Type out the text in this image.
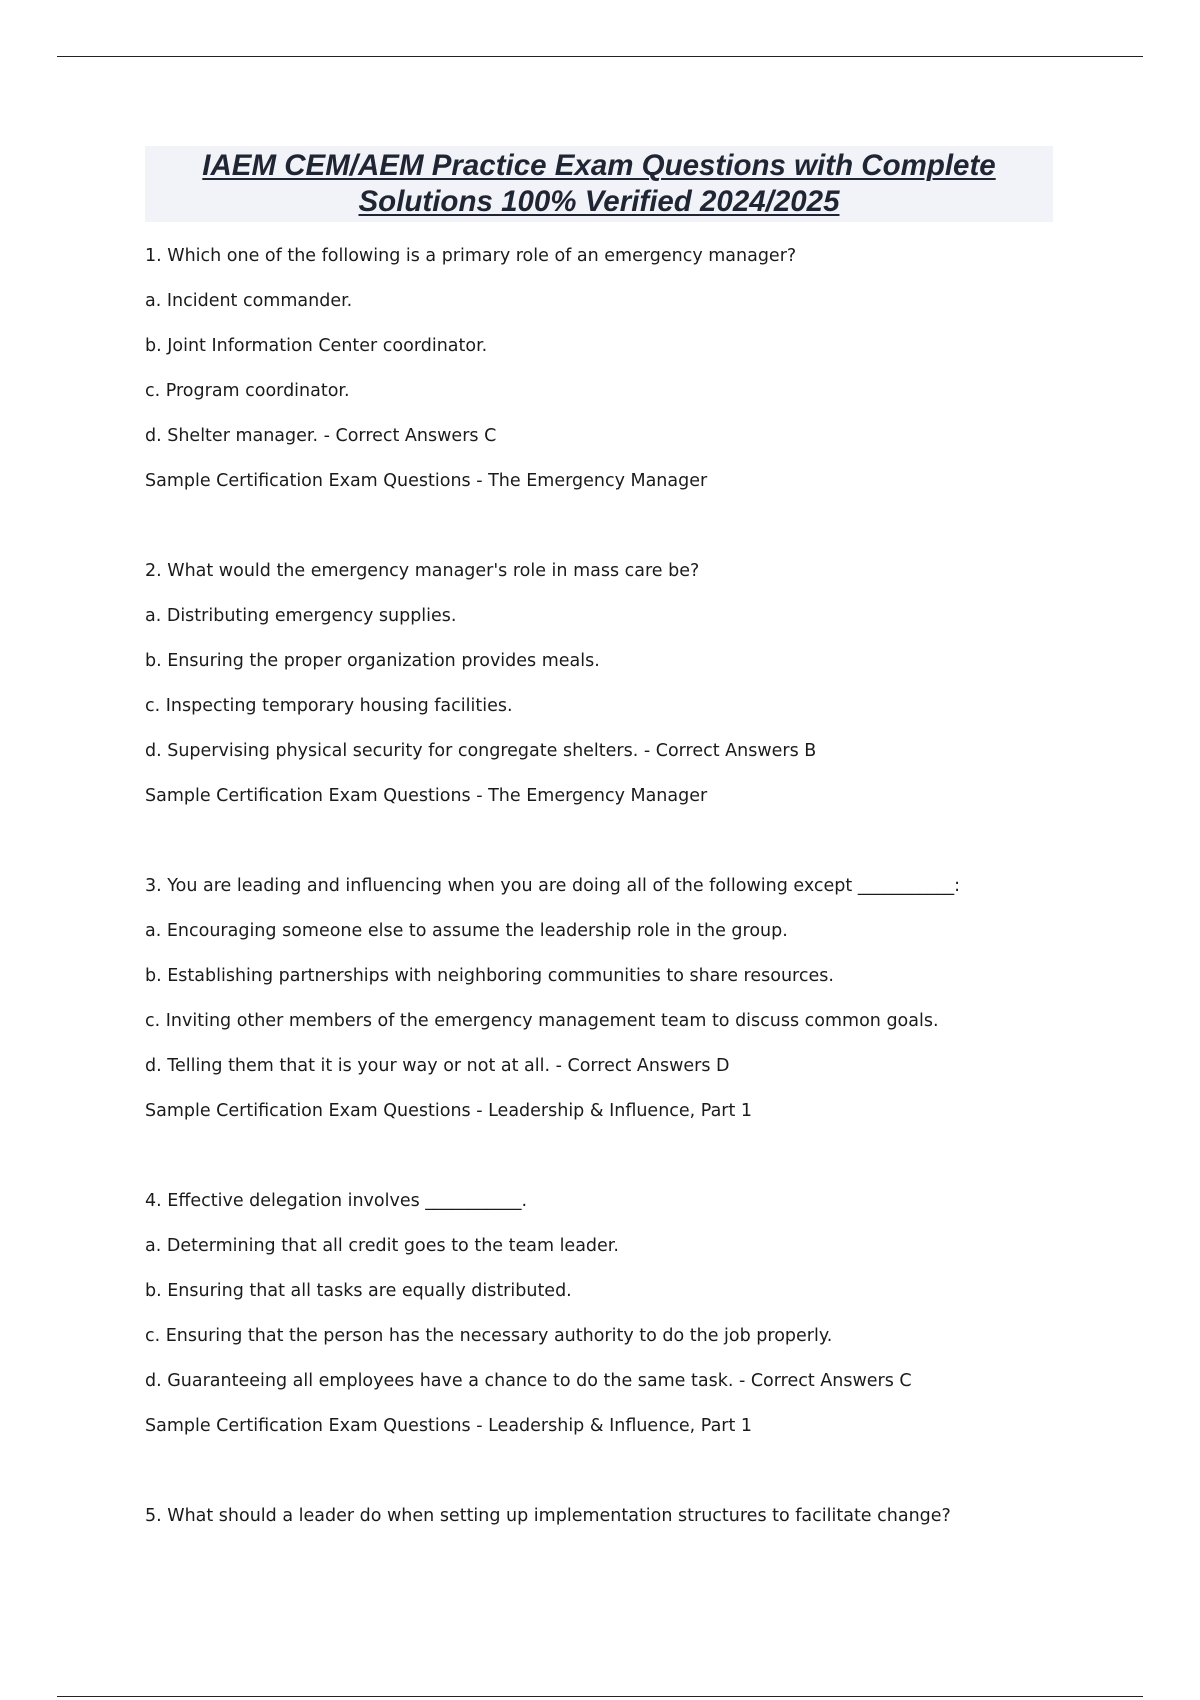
IAEM CEM/AEM Practice Exam Questions with Complete
Solutions 100% Verified 2024/2025
1. Which one of the following is a primary role of an emergency manager?
a. Incident commander.
b. Joint Information Center coordinator.
c. Program coordinator.
d. Shelter manager. - Correct Answers C
Sample Certification Exam Questions - The Emergency Manager
2. What would the emergency manager's role in mass care be?
a. Distributing emergency supplies.
b. Ensuring the proper organization provides meals.
c. Inspecting temporary housing facilities.
d. Supervising physical security for congregate shelters. - Correct Answers B
Sample Certification Exam Questions - The Emergency Manager
3. You are leading and influencing when you are doing all of the following except ___________:
a. Encouraging someone else to assume the leadership role in the group.
b. Establishing partnerships with neighboring communities to share resources.
c. Inviting other members of the emergency management team to discuss common goals.
d. Telling them that it is your way or not at all. - Correct Answers D
Sample Certification Exam Questions - Leadership & Influence, Part 1
4. Effective delegation involves ___________.
a. Determining that all credit goes to the team leader.
b. Ensuring that all tasks are equally distributed.
c. Ensuring that the person has the necessary authority to do the job properly.
d. Guaranteeing all employees have a chance to do the same task. - Correct Answers C
Sample Certification Exam Questions - Leadership & Influence, Part 1
5. What should a leader do when setting up implementation structures to facilitate change?
